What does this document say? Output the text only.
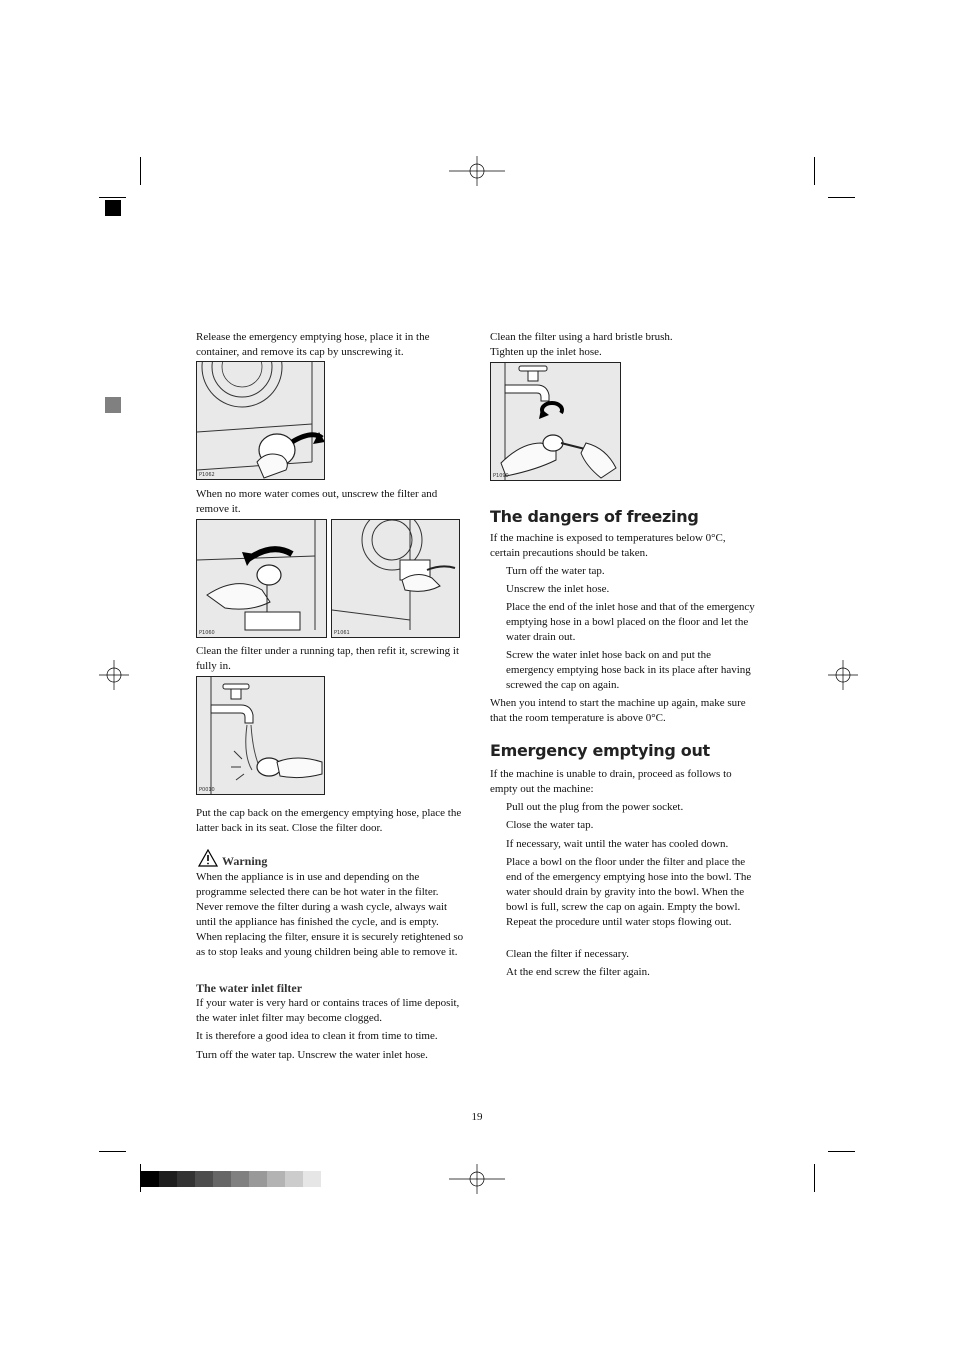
Release the emergency emptying hose, place it in the container, and remove its cap by unscrewing it.
P1062
When no more water comes out, unscrew the filter and remove it.
P1060	P1061
Clean the filter under a running tap, then refit it, screwing it fully in.
P0010
Put the cap back on the emergency emptying hose, place the latter back in its seat. Close the filter door.
Warning
When the appliance is in use and depending on the programme selected there can be hot water in the filter. Never remove the filter during a wash cycle, always wait until the appliance has finished the cycle, and is empty. When replacing the filter, ensure it is securely retightened so as to stop leaks and young children being able to remove it.
The water inlet filter
If your water is very hard or contains traces of lime deposit, the water inlet filter may become clogged.
It is therefore a good idea to clean it from time to time.
Turn off the water tap. Unscrew the water inlet hose.
Clean the filter using a hard bristle brush.
Tighten up the inlet hose.
P1090
The dangers of freezing
If the machine is exposed to temperatures below 0°C, certain precautions should be taken.
Turn off the water tap.
Unscrew the inlet hose.
Place the end of the inlet hose and that of the emergency emptying hose in a bowl placed on the floor and let the water drain out.
Screw the water inlet hose back on and put the emergency emptying hose back in its place after having screwed the cap on again.
When you intend to start the machine up again, make sure that the room temperature is above 0°C.
Emergency emptying out
If the machine is unable to drain, proceed as follows to empty out the machine:
Pull out the plug from the power socket.
Close the water tap.
If necessary, wait until the water has cooled down.
Place a bowl on the floor under the filter and place the end of the emergency emptying hose into the bowl. The water should drain by gravity into the bowl. When the bowl is full, screw the cap on again. Empty the bowl. Repeat the procedure until water stops flowing out.
Clean the filter if necessary.
At the end screw the filter again.
19
